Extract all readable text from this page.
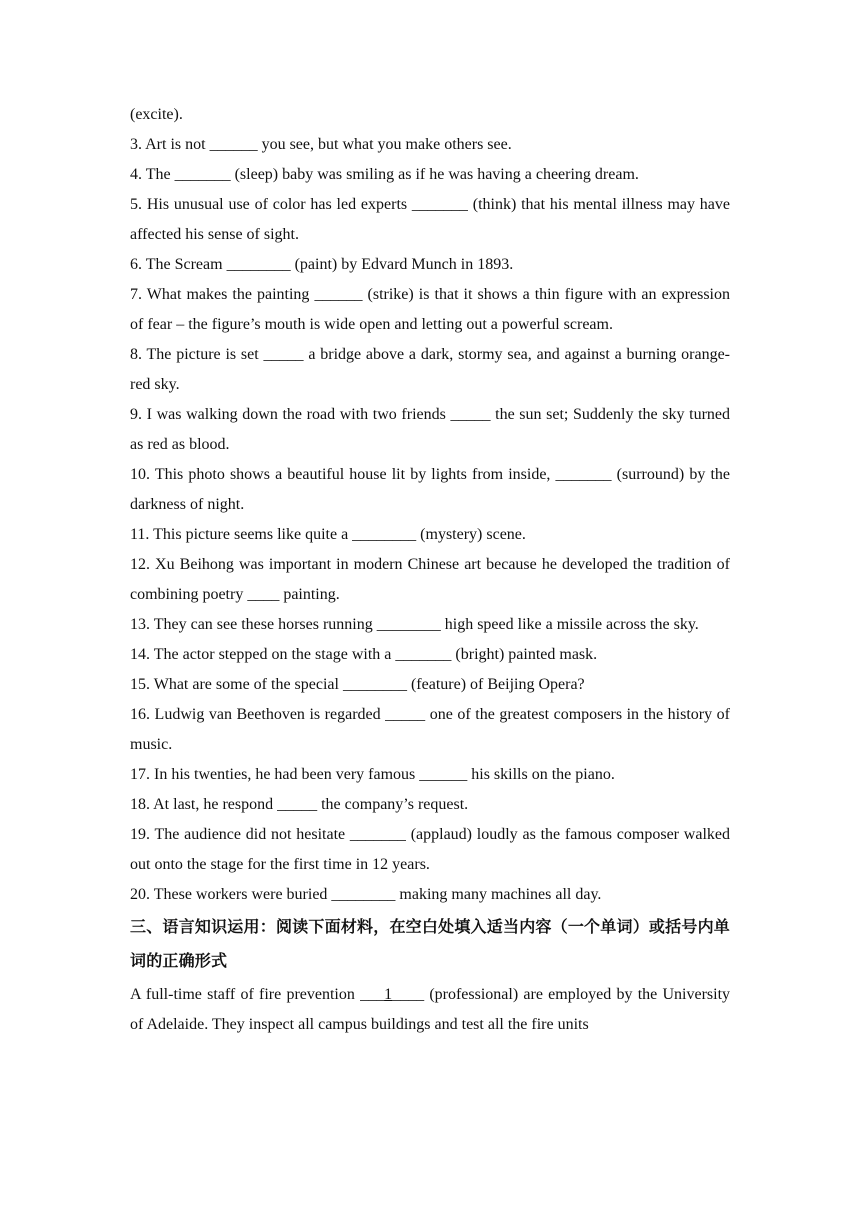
(excite).

3. Art is not ______ you see, but what you make others see.

4. The _______ (sleep) baby was smiling as if he was having a cheering dream.

5. His unusual use of color has led experts _______ (think) that his mental illness may have affected his sense of sight.

6. The Scream ________ (paint) by Edvard Munch in 1893.

7. What makes the painting ______ (strike) is that it shows a thin figure with an expression of fear – the figure’s mouth is wide open and letting out a powerful scream.

8. The picture is set _____ a bridge above a dark, stormy sea, and against a burning orange-red sky.

9. I was walking down the road with two friends _____ the sun set; Suddenly the sky turned as red as blood.

10. This photo shows a beautiful house lit by lights from inside, _______ (surround) by the darkness of night.

11. This picture seems like quite a ________ (mystery) scene.

12. Xu Beihong was important in modern Chinese art because he developed the tradition of combining poetry ____ painting.

13. They can see these horses running ________ high speed like a missile across the sky.

14. The actor stepped on the stage with a _______ (bright) painted mask.

15. What are some of the special ________ (feature) of Beijing Opera?

16. Ludwig van Beethoven is regarded _____ one of the greatest composers in the history of music.

17. In his twenties, he had been very famous ______ his skills on the piano.

18. At last, he respond _____ the company’s request.

19. The audience did not hesitate _______ (applaud) loudly as the famous composer walked out onto the stage for the first time in 12 years.

20. These workers were buried ________ making many machines all day.

三、语言知识运用：阅读下面材料，在空白处填入适当内容（一个单词）或括号内单词的正确形式

A full-time staff of fire prevention ___1____ (professional) are employed by the University of Adelaide. They inspect all campus buildings and test all the fire units
